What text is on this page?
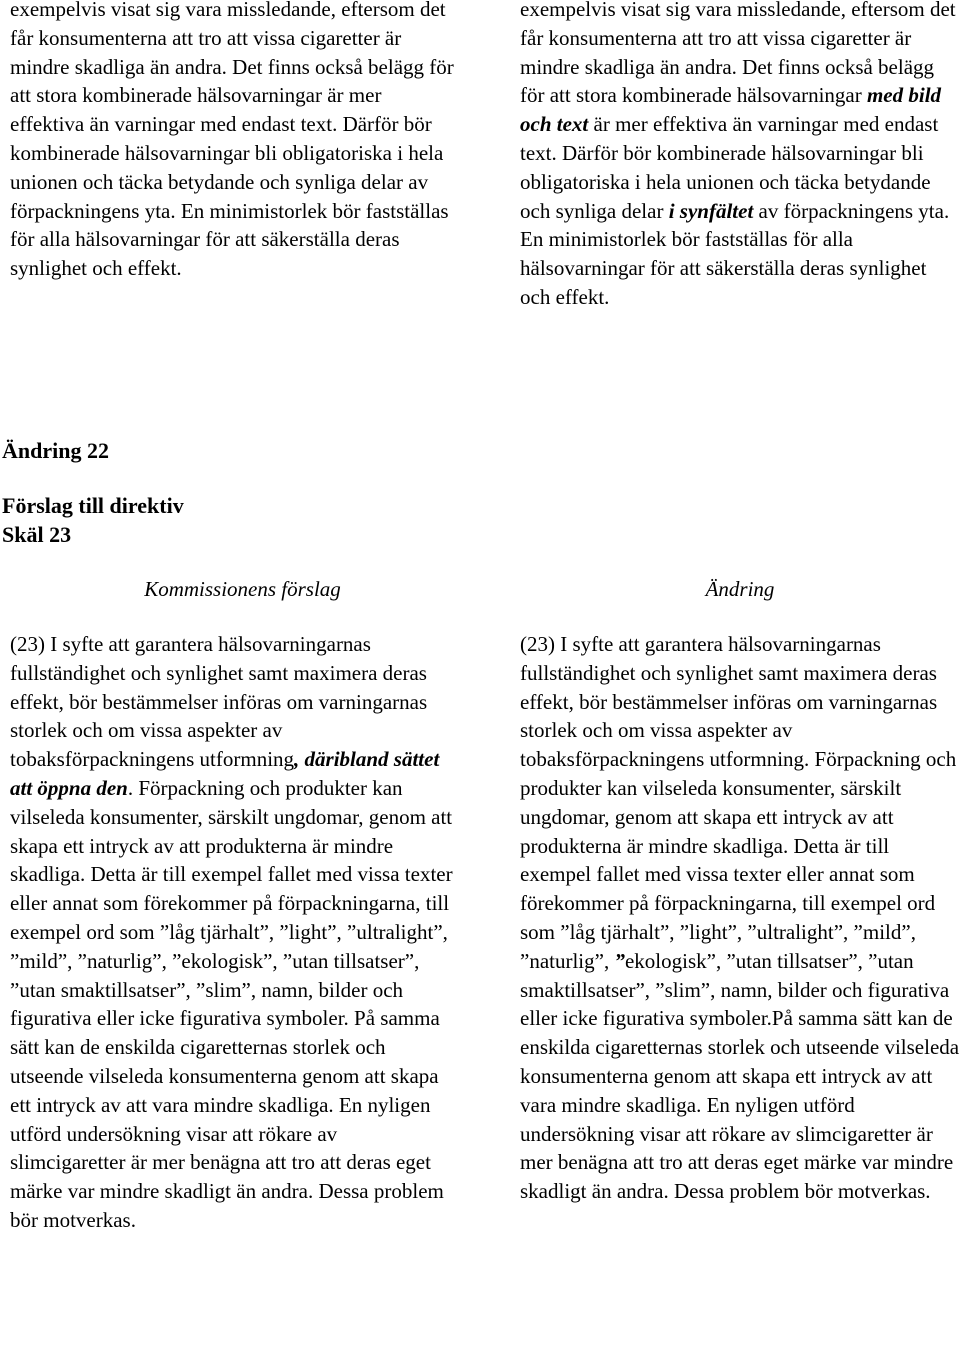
exempelvis visat sig vara missledande, eftersom det får konsumenterna att tro att vissa cigaretter är mindre skadliga än andra. Det finns också belägg för att stora kombinerade hälsovarningar är mer effektiva än varningar med endast text. Därför bör kombinerade hälsovarningar bli obligatoriska i hela unionen och täcka betydande och synliga delar av förpackningens yta. En minimistorlek bör fastställas för alla hälsovarningar för att säkerställa deras synlighet och effekt.

exempelvis visat sig vara missledande, eftersom det får konsumenterna att tro att vissa cigaretter är mindre skadliga än andra. Det finns också belägg för att stora kombinerade hälsovarningar med bild och text är mer effektiva än varningar med endast text. Därför bör kombinerade hälsovarningar bli obligatoriska i hela unionen och täcka betydande och synliga delar i synfältet av förpackningens yta. En minimistorlek bör fastställas för alla hälsovarningar för att säkerställa deras synlighet och effekt.

Ändring 22
Förslag till direktiv
Skäl 23
Kommissionens förslag	Ändring

(23) I syfte att garantera hälsovarningarnas fullständighet och synlighet samt maximera deras effekt, bör bestämmelser införas om varningarnas storlek och om vissa aspekter av tobaksförpackningens utformning, däribland sättet att öppna den. Förpackning och produkter kan vilseleda konsumenter, särskilt ungdomar, genom att skapa ett intryck av att produkterna är mindre skadliga. Detta är till exempel fallet med vissa texter eller annat som förekommer på förpackningarna, till exempel ord som ”låg tjärhalt”, ”light”, ”ultralight”, ”mild”, ”naturlig”, ”ekologisk”, ”utan tillsatser”, ”utan smaktillsatser”, ”slim”, namn, bilder och figurativa eller icke figurativa symboler. På samma sätt kan de enskilda cigaretternas storlek och utseende vilseleda konsumenterna genom att skapa ett intryck av att vara mindre skadliga. En nyligen utförd undersökning visar att rökare av slimcigaretter är mer benägna att tro att deras eget märke var mindre skadligt än andra. Dessa problem bör motverkas.

(23) I syfte att garantera hälsovarningarnas fullständighet och synlighet samt maximera deras effekt, bör bestämmelser införas om varningarnas storlek och om vissa aspekter av tobaksförpackningens utformning. Förpackning och produkter kan vilseleda konsumenter, särskilt ungdomar, genom att skapa ett intryck av att produkterna är mindre skadliga. Detta är till exempel fallet med vissa texter eller annat som förekommer på förpackningarna, till exempel ord som ”låg tjärhalt”, ”light”, ”ultralight”, ”mild”, ”naturlig”, ”ekologisk”, ”utan tillsatser”, ”utan smaktillsatser”, ”slim”, namn, bilder och figurativa eller icke figurativa symboler.På samma sätt kan de enskilda cigaretternas storlek och utseende vilseleda konsumenterna genom att skapa ett intryck av att vara mindre skadliga. En nyligen utförd undersökning visar att rökare av slimcigaretter är mer benägna att tro att deras eget märke var mindre skadligt än andra. Dessa problem bör motverkas.
